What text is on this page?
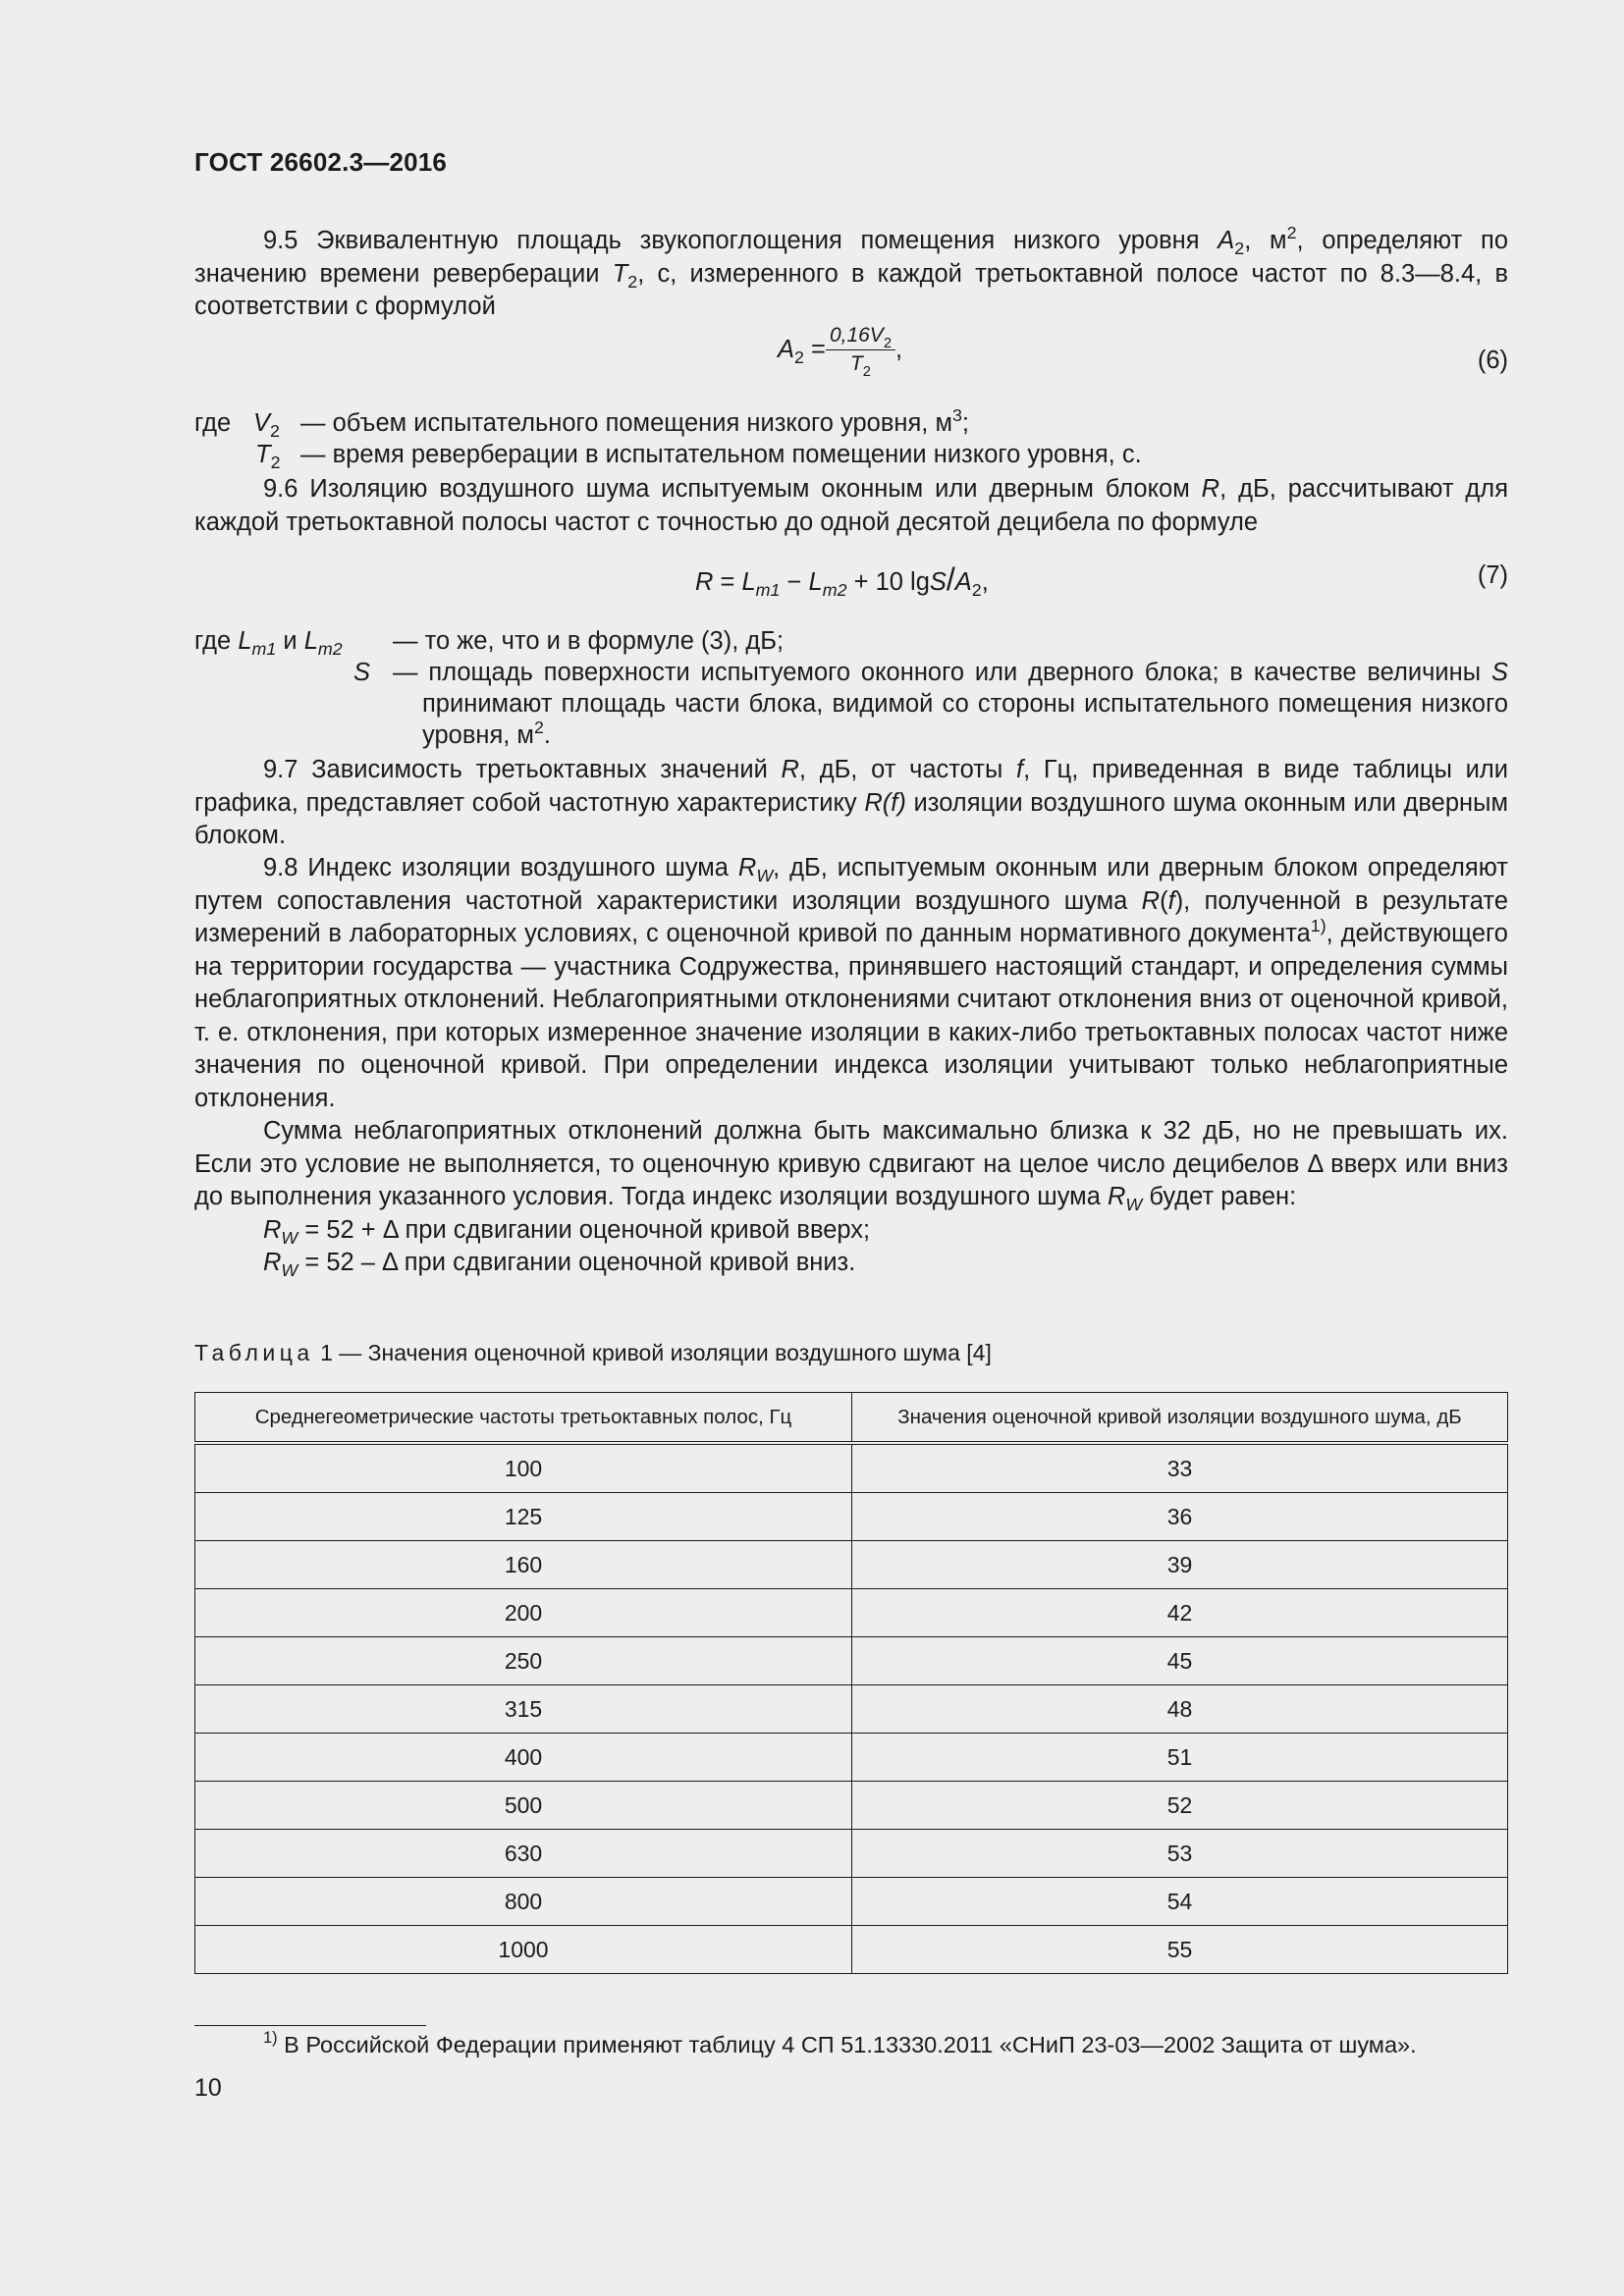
ГОСТ 26602.3—2016

9.5 Эквивалентную площадь звукопоглощения помещения низкого уровня $A_2$, $м^2$, определяют по значению времени реверберации $T_2$, с, измеренного в каждой третьоктавной полосе частот по 8.3—8.4, в соответствии с формулой

$A_2 = \frac{0,16V_2}{T_2}$ ,	(6)
где $V_2$ — объем испытательного помещения низкого уровня, $м^3$;
$T_2$ — время реверберации в испытательном помещении низкого уровня, с.

9.6 Изоляцию воздушного шума испытуемым оконным или дверным блоком R, дБ, рассчитывают для каждой третьоктавной полосы частот с точностью до одной десятой децибела по формуле

$R = L_{m1} - L_{m2} + 10$ lgS/$A_2$,	(7)
где $L_{m1}$ и $L_{m2}$ — то же, что и в формуле (3), дБ;
S — площадь поверхности испытуемого оконного или дверного блока; в качестве величины S принимают площадь части блока, видимой со стороны испытательного помещения низкого уровня, $м^2$.

9.7 Зависимость третьоктавных значений R, дБ, от частоты f, Гц, приведенная в виде таблицы или графика, представляет собой частотную характеристику R(f) изоляции воздушного шума оконным или дверным блоком.

9.8 Индекс изоляции воздушного шума $R_W$, дБ, испытуемым оконным или дверным блоком определяют путем сопоставления частотной характеристики изоляции воздушного шума R(f), полученной в результате измерений в лабораторных условиях, с оценочной кривой по данным нормативного документа$^{1)}$, действующего на территории государства — участника Содружества, принявшего настоящий стандарт, и определения суммы неблагоприятных отклонений. Неблагоприятными отклонениями считают отклонения вниз от оценочной кривой, т. е. отклонения, при которых измеренное значение изоляции в каких-либо третьоктавных полосах частот ниже значения по оценочной кривой. При определении индекса изоляции учитывают только неблагоприятные отклонения.

Сумма неблагоприятных отклонений должна быть максимально близка к 32 дБ, но не превышать их. Если это условие не выполняется, то оценочную кривую сдвигают на целое число децибелов Δ вверх или вниз до выполнения указанного условия. Тогда индекс изоляции воздушного шума $R_W$ будет равен:

$R_W = 52 + \Delta$ при сдвигании оценочной кривой вверх;

$R_W = 52 - \Delta$ при сдвигании оценочной кривой вниз.

Таблица 1 — Значения оценочной кривой изоляции воздушного шума [4]
Среднегеометрические частоты третьоктавных полос, Гц	Значения оценочной кривой изоляции воздушного шума, дБ
100	33
125	36
160	39
200	42
250	45
315	48
400	51
500	52
630	53
800	54
1000	55
$^{1)}$ В Российской Федерации применяют таблицу 4 СП 51.13330.2011 «СНиП 23-03—2002 Защита от шума».
10
